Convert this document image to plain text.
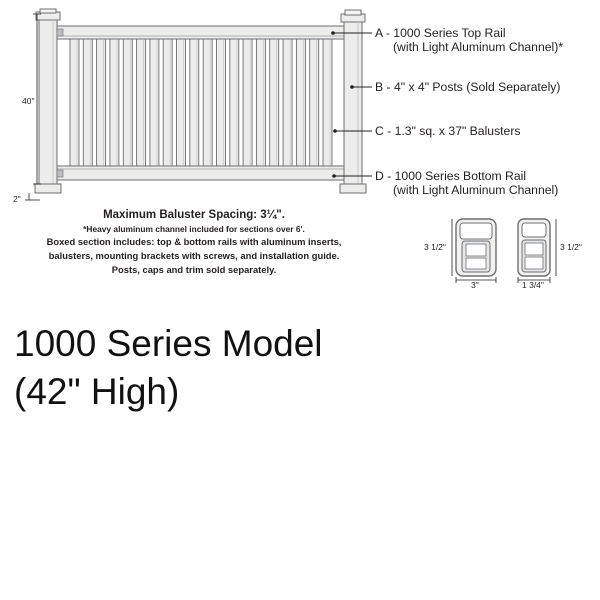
A - 1000 Series Top Rail
(with Light Aluminum Channel)*
B - 4" x 4" Posts (Sold Separately)
C - 1.3" sq. x 37" Balusters
D - 1000 Series Bottom Rail
(with Light Aluminum Channel)
40"
2"
3 1/2"
3"
3 1/2"
1 3/4"
Maximum Baluster Spacing: 3¼".
*Heavy aluminum channel included for sections over 6'.
Boxed section includes: top & bottom rails with aluminum inserts,
balusters, mounting brackets with screws, and installation guide.
Posts, caps and trim sold separately.
1000 Series Model
(42" High)
